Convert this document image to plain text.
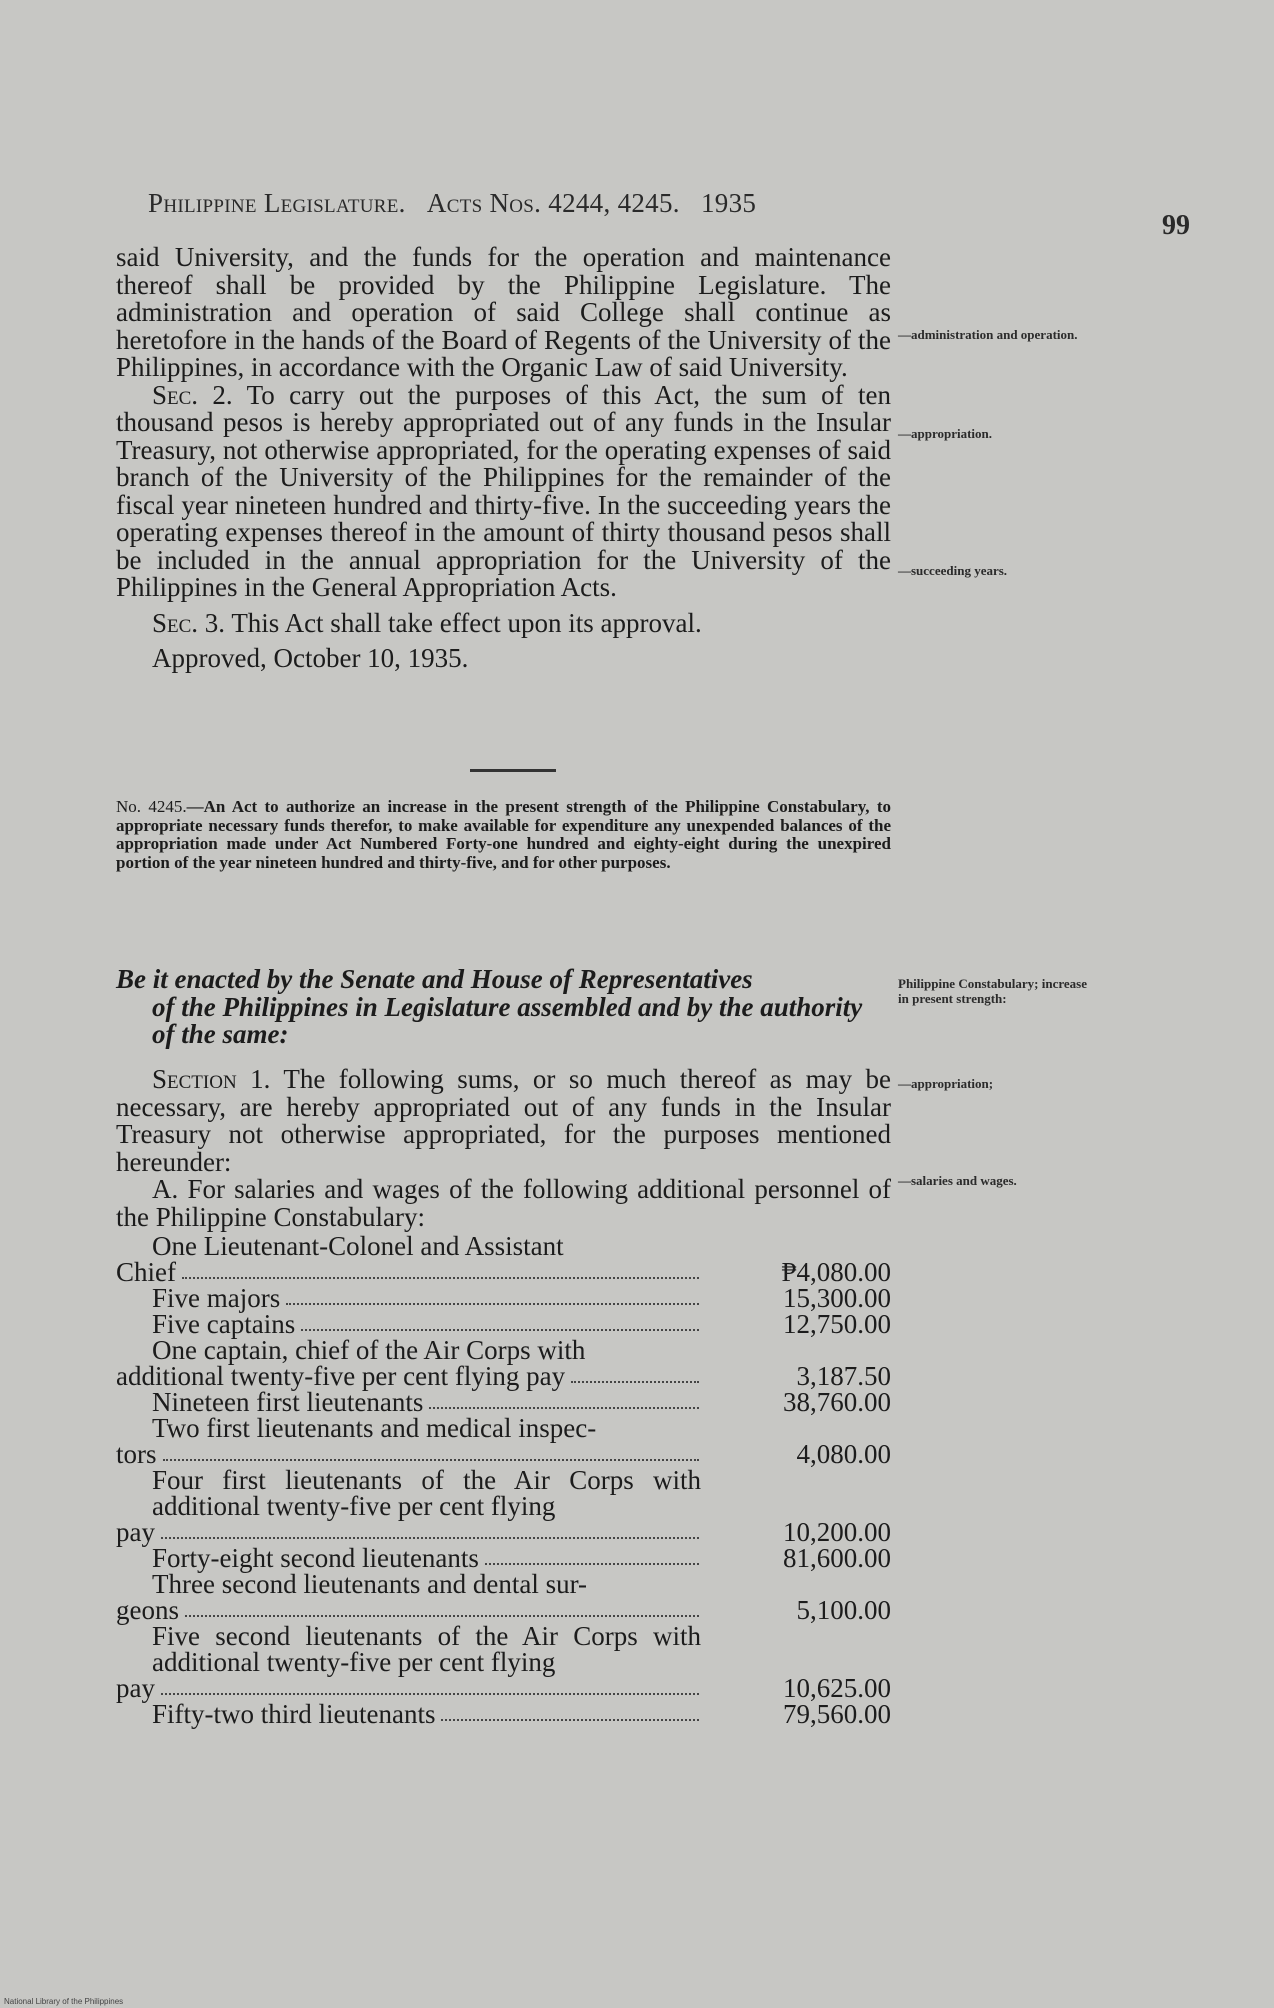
Philippine Legislature. Acts Nos. 4244, 4245. 1935
99

said University, and the funds for the operation and maintenance thereof shall be provided by the Philippine Legislature. The administration and operation of said College shall continue as heretofore in the hands of the Board of Regents of the University of the Philippines, in accordance with the Organic Law of said University.

Sec. 2. To carry out the purposes of this Act, the sum of ten thousand pesos is hereby appropriated out of any funds in the Insular Treasury, not otherwise appropriated, for the operating expenses of said branch of the University of the Philippines for the remainder of the fiscal year nineteen hundred and thirty-five. In the succeeding years the operating expenses thereof in the amount of thirty thousand pesos shall be included in the annual appropriation for the University of the Philippines in the General Appropriation Acts.

Sec. 3. This Act shall take effect upon its approval.

Approved, October 10, 1935.

—administration and operation.
—appropriation.
—succeeding years.
No. 4245.—An Act to authorize an increase in the present strength of the Philippine Constabulary, to appropriate necessary funds therefor, to make available for expenditure any unexpended balances of the appropriation made under Act Numbered Forty-one hundred and eighty-eight during the unexpired portion of the year nineteen hundred and thirty-five, and for other purposes.
Be it enacted by the Senate and House of Representatives
of the Philippines in Legislature assembled and by the authority of the same:
Philippine Constabulary; increase in present strength:

Section 1. The following sums, or so much thereof as may be necessary, are hereby appropriated out of any funds in the Insular Treasury not otherwise appropriated, for the purposes mentioned hereunder:

A. For salaries and wages of the following additional personnel of the Philippine Constabulary:

—appropriation;
—salaries and wages.
One Lieutenant-Colonel and Assistant
Chief	₱4,080.00
Five majors	15,300.00
Five captains	12,750.00
One captain, chief of the Air Corps with
additional twenty-five per cent flying pay	3,187.50
Nineteen first lieutenants	38,760.00
Two first lieutenants and medical inspec-
tors	4,080.00
Four first lieutenants of the Air Corps with additional twenty-five per cent flying
pay	10,200.00
Forty-eight second lieutenants	81,600.00
Three second lieutenants and dental sur-
geons	5,100.00
Five second lieutenants of the Air Corps with additional twenty-five per cent flying
pay	10,625.00
Fifty-two third lieutenants	79,560.00
National Library of the Philippines
